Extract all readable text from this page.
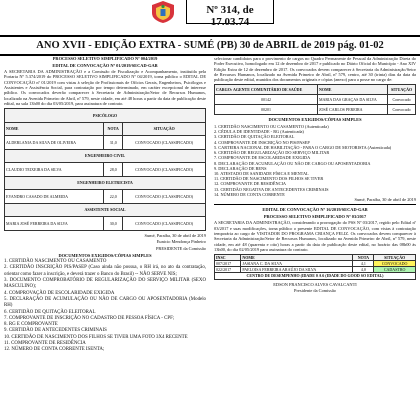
Nº 314, de 17.03.74
ANO XVII - EDIÇÃO EXTRA - SUMÉ (PB) 30 de ABRIL de 2019 pág. 01-02

PROCESSO SELETIVO SIMPLIFICADO Nº 004/2019

EDITAL DE CONVOCAÇÃO Nº 01/2019/SECAD-GAB

A SECRETARIA DA ADMINISTRAÇÃO e a Comissão de Fiscalização e Acompanhamento, instituída pela Portaria Nº 5.374/2019 do PROCESSO SELETIVO SIMPLIFICADO Nº 04/2019, torna público o EDITAL DE CONVOCAÇÃO nº 01/2019 com vistas à seleção de Profissionais de Ofícios Gerais, Engenheiros, Psicólogos e Assistentes e Assistência Social, para contratação por tempo determinado, em caráter excepcional de interesse público. Os convocados deverão comparecer à Secretaria de Administração/Setor de Recursos Humanos, localizado na Avenida Primeiro de Abril, nº 579, neste cidade, em até 48 horas a partir da data de publicação deste edital, na sala 13h00 do dia 03/05/2019, para assinatura de contrato.

PSICÓLOGO		
NOME	NOTA	SITUAÇÃO
ALDERLANIA DA SILVA DE OLIVEIRA	31,0	CONVOCADO (CLASSIFICADO)
ENGENHEIRO CIVIL		
CLAUDIO TEIXEIRA DA SILVA	28,0	CONVOCADO (CLASSIFICADO)
ENGENHEIRO ELETRICISTA		
EVANDRO CASADO DE ALMEIDA	22,0	CONVOCADO (CLASSIFICADO)
ASSISTENTE SOCIAL		
MARIA JOSÉ FERREIRA DA SILVA	30,0	CONVOCADO (CLASSIFICADO)

Sumé, Paraíba, 30 de abril de 2019

Eunicio Mendonça Pinheiro

PRESIDENTE da Comissão

DOCUMENTOS EXIGIDOS/CÓPIAS SIMPLES

1. CERTIDÃO NASCIMENTO OU CASAMENTO
2. CERTIDÃO INSCRIÇÃO PIS/PASEP (Caso ainda não possua, o RH irá, no ato da contratação, orientar como fazer a inscrição, e deverá trazer o Banco do Brasil) -- NÃO SERVE NIS;
3. DOCUMENTO COMPROBATÓRIO DE REGULARIZAÇÃO DO SERVIÇO MILITAR (SEXO MASCULINO);
4. COMPROVAÇÃO DE ESCOLARIDADE EXIGIDA
5. DECLARAÇÃO DE ACUMULAÇÃO OU NÃO DE CARGO OU APOSENTADORIA (Modelo RH)
6. CERTIDÃO DE QUITAÇÃO ELEITORAL
7. COMPROVANTE DE INSCRIÇÃO NO CADASTRO DE PESSOA FÍSICA - CPF;
8. RG E COMPROVANTE
9. CERTIDÃO DE ANTECEDENTES CRIMINAIS
10. CERTIDÃO DE NASCIMENTO DOS FILHOS SE TIVER UMA FOTO 3X4 RECENTE
11. COMPROVANTE DE RESIDÊNCIA
12. NÚMERO DE CONTA CORRENTE ISENTA;

selecionar candidatos para o provimento de cargos no Quadro Permanente de Pessoal da Administração Direta do Poder Executivo, homologado em 12 de dezembro de 2017 e publicado no Diário Oficial do Município - Ano XIV Edição Extra de 12 de dezembro de 2017. Os convocados devem comparecer à Secretaria da Administração/Setor de Recursos Humanos, localizado na Avenida Primeiro de Abril, nº 579, centro, até 30 (trinta) dias da data da publicação deste edital, munidos dos documentos originais e cópias (anexo) para a posse no cargo de:

CARGO: AGENTE COMUNITÁRIO DE SAÚDE	NOME	SITUAÇÃO
00142	MARIA DAS GRAÇAS DA SILVA	Convocado
00201	JOSÉ CARLOS PEREIRA	Convocado

DOCUMENTOS EXIGIDOS/CÓPIAS SIMPLES

1. CERTIDÃO NASCIMENTO OU CASAMENTO (Autenticada)
2. CÉDULA DE IDENTIDADE - RG (Autenticada)
3. CERTIDÃO DE QUITAÇÃO ELEITORAL
4. COMPROVANTE DE INSCRIÇÃO NO PIS/PASEP
5. CARTEIRA NACIONAL DE HABILITAÇÃO - PARA O CARGO DE MOTORISTA (Autenticada)
6. CERTIDÃO DE REGULARIZAÇÃO DO SERVIÇO MILITAR
7. COMPROVANTE DE ESCOLARIDADE EXIGIDA
8. DECLARAÇÃO DE ACUMULAÇÃO OU NÃO DE CARGO OU APOSENTADORIA
9. DECLARAÇÃO DE BENS
10. ATESTADO DE SANIDADE FÍSICA E MENTAL
11. CERTIDÃO DE NASCIMENTO DOS FILHOS SE TIVER
12. COMPROVANTE DE RESIDÊNCIA
13. CERTIDÃO NEGATIVA DE ANTECEDENTES CRIMINAIS
14. NÚMERO DE CONTA CORRENTE

Sumé, Paraíba, 30 de abril de 2019

EDITAL DE CONVOCAÇÃO Nº 16/2019/SECAD-GAB

PROCESSO SELETIVO SIMPLIFICADO Nº 03/2017

A SECRETARIA DA ADMINISTRAÇÃO, considerando a prorrogação do PSS Nº 03/2017, regido pelo Edital nº 03/2017 e suas modificações, torna público o presente EDITAL DE CONVOCAÇÃO, com vistas à contratação temporária ao cargo de VISITADOR DO PROGRAMA CRIANÇA FELIZ. Os convocados devem comparecer à Secretaria da Administração/Setor de Recursos Humanos, localizado na Avenida Primeiro de Abril, nº 579, neste cidade, em até 48 (quarenta e oito) horas a partir da data de publicação deste edital, no horário das 08h00 às 13h00, do dia 02/05/2019 para assinatura do contrato.

INSC	NOME	NOTA	SITUAÇÃO
007/2017	JASIANA C. DA SILVA	4,1	CONVOCADO
022/2017	PAELOISA FERREIRA ARAÚJO DA SILVA	4,0	CADASTRO
CENTRO DE DESEMPENHO (IDADE 0 A 6 (IDADE DO GOOD SO EDITAL)			

EDSON FRANCISCO ALVES CAVALCANTI

Presidente da Comissão
